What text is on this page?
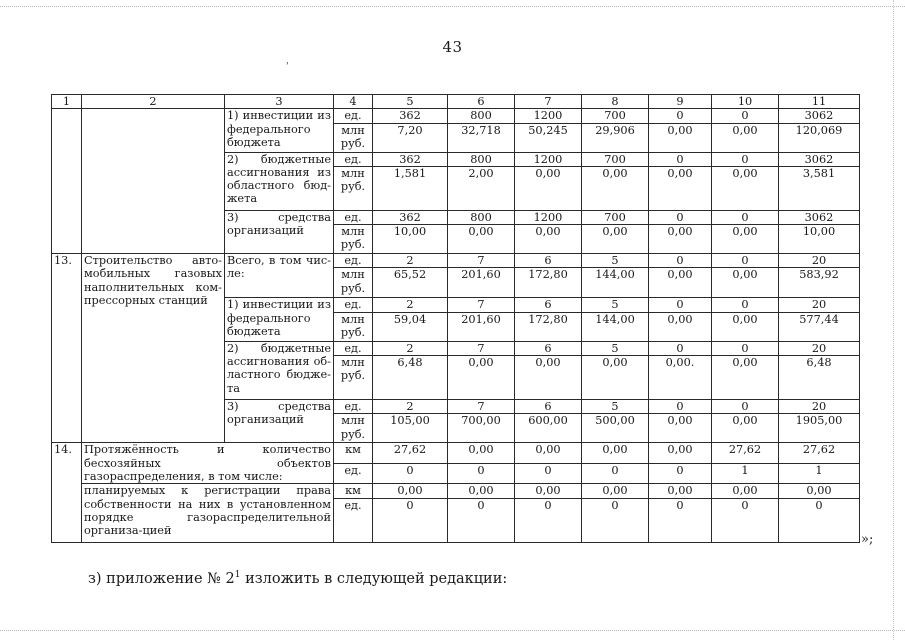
43
ʹ
1	2	3	4	5	6	7	8	9	10	11
		1) инвестиции из федерального бюджета	ед.	362	800	1200	700	0	0	3062
			млн руб.	7,20	32,718	50,245	29,906	0,00	0,00	120,069
		2) бюджетные ассигнования из областного бюд-жета	ед.	362	800	1200	700	0	0	3062
			млн руб.	1,581	2,00	0,00	0,00	0,00	0,00	3,581
		3) средства организаций	ед.	362	800	1200	700	0	0	3062
			млн руб.	10,00	0,00	0,00	0,00	0,00	0,00	10,00
13.	Строительство авто-мобильных газовых наполнительных ком-прессорных станций	Всего, в том чис-ле:	ед.	2	7	6	5	0	0	20
			млн руб.	65,52	201,60	172,80	144,00	0,00	0,00	583,92
		1) инвестиции из федерального бюджета	ед.	2	7	6	5	0	0	20
			млн руб.	59,04	201,60	172,80	144,00	0,00	0,00	577,44
		2) бюджетные ассигнования об-ластного бюдже-та	ед.	2	7	6	5	0	0	20
			млн руб.	6,48	0,00	0,00	0,00	0,00.	0,00	6,48
		3) средства организаций	ед.	2	7	6	5	0	0	20
			млн руб.	105,00	700,00	600,00	500,00	0,00	0,00	1905,00
14.	Протяжённость и количество бесхозяйных объектов газораспределения, в том числе:		км	27,62	0,00	0,00	0,00	0,00	27,62	27,62
			ед.	0	0	0	0	0	1	1
	планируемых к регистрации права собственности на них в установленном порядке газораспределительной организа-цией		км	0,00	0,00	0,00	0,00	0,00	0,00	0,00
			ед.	0	0	0	0	0	0	0
»;
з) приложение № $2^1$ изложить в следующей редакции:
